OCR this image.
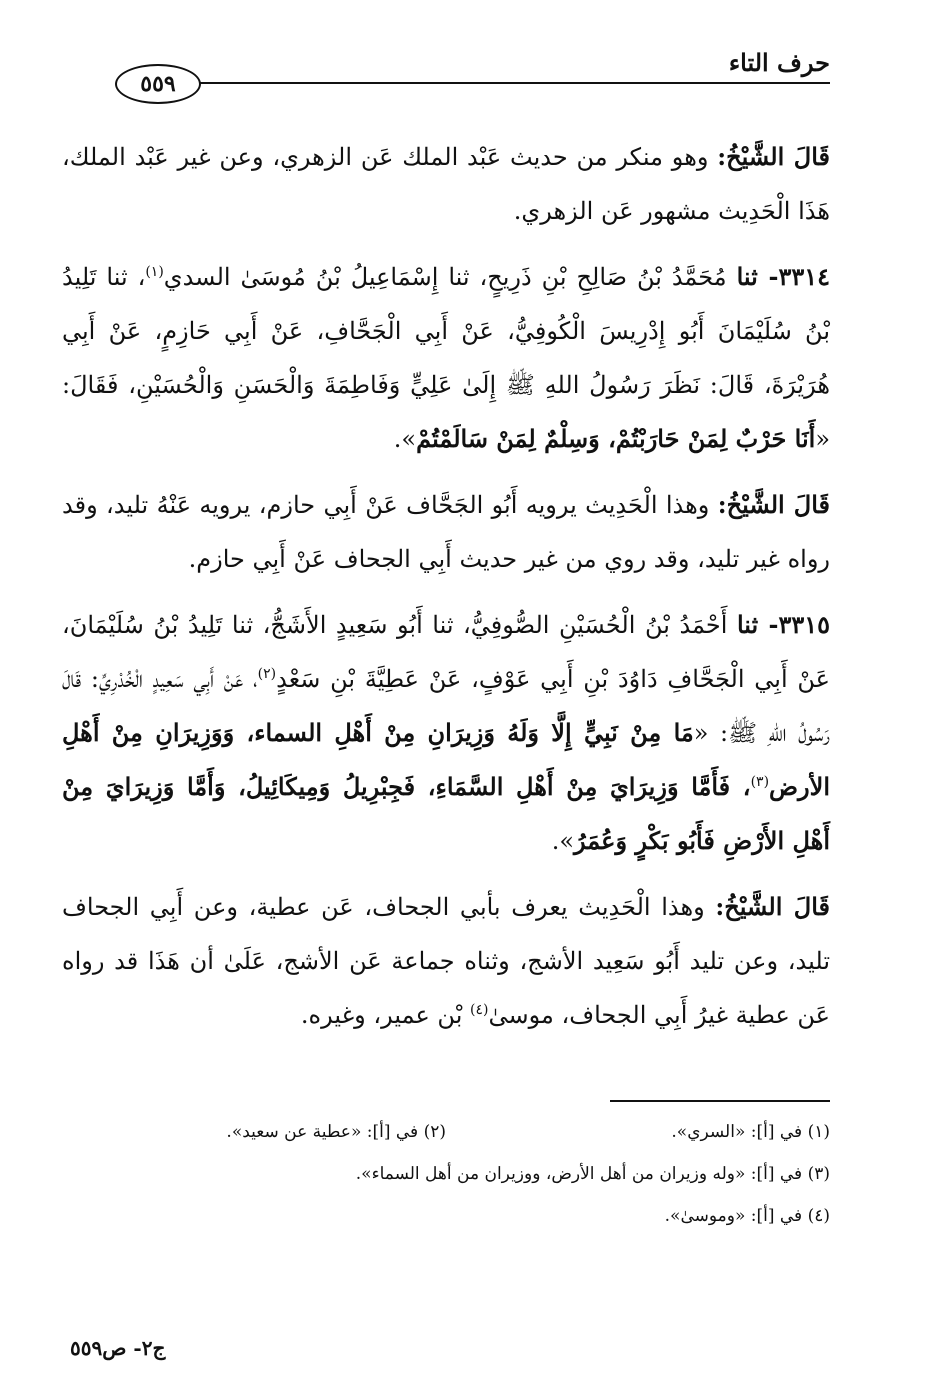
حرف التاء
٥٥٩

قَالَ الشَّيْخُ: وهو منكر من حديث عَبْد الملك عَن الزهري، وعن غير عَبْد الملك، هَذَا الْحَدِيث مشهور عَن الزهري.

٣٣١٤- ثنا مُحَمَّدُ بْنُ صَالِحِ بْنِ ذَرِيحٍ، ثنا إِسْمَاعِيلُ بْنُ مُوسَىٰ السدي$^{(١)}$، ثنا تَلِيدُ بْنُ سُلَيْمَانَ أَبُو إِدْرِيسَ الْكُوفِيُّ، عَنْ أَبِي الْجَحَّافِ، عَنْ أَبِي حَازِمٍ، عَنْ أَبِي هُرَيْرَةَ، قَالَ: نَظَرَ رَسُولُ اللهِ ﷺ إِلَىٰ عَلِيٍّ وَفَاطِمَةَ وَالْحَسَنِ وَالْحُسَيْنِ، فَقَالَ: «أَنَا حَرْبٌ لِمَنْ حَارَبْتُمْ، وَسِلْمٌ لِمَنْ سَالَمْتُمْ».

قَالَ الشَّيْخُ: وهذا الْحَدِيث يرويه أَبُو الجَحَّاف عَنْ أَبِي حازم، يرويه عَنْهُ تليد، وقد رواه غير تليد، وقد روي من غير حديث أَبِي الجحاف عَنْ أَبِي حازم.

٣٣١٥- ثنا أَحْمَدُ بْنُ الْحُسَيْنِ الصُّوفِيُّ، ثنا أَبُو سَعِيدٍ الأَشَجُّ، ثنا تَلِيدُ بْنُ سُلَيْمَانَ، عَنْ أَبِي الْجَحَّافِ دَاوُدَ بْنِ أَبِي عَوْفٍ، عَنْ عَطِيَّةَ بْنِ سَعْدٍ$^{(٢)}$، عَنْ أَبِي سَعِيدٍ الْخُدْرِيِّ: قَالَ رَسُولُ اللهِ ﷺ: «مَا مِنْ نَبِيٍّ إِلَّا وَلَهُ وَزِيرَانِ مِنْ أَهْلِ السماء، وَوَزِيرَانِ مِنْ أَهْلِ الأرض$^{(٣)}$، فَأَمَّا وَزِيرَايَ مِنْ أَهْلِ السَّمَاءِ، فَجِبْرِيلُ وَمِيكَائِيلُ، وَأَمَّا وَزِيرَايَ مِنْ أَهْلِ الأَرْضِ فَأَبُو بَكْرٍ وَعُمَرُ».

قَالَ الشَّيْخُ: وهذا الْحَدِيث يعرف بأبي الجحاف، عَن عطية، وعن أَبِي الجحاف تليد، وعن تليد أَبُو سَعِيد الأشج، وثناه جماعة عَن الأشج، عَلَىٰ أن هَذَا قد رواه عَن عطية غيرُ أَبِي الجحاف، موسىٰ$^{(٤)}$ بْن عمير، وغيره.

(١) في [أ]: «السري».
(٢) في [أ]: «عطية عن سعيد».
(٣) في [أ]: «وله وزيران من أهل الأرض، ووزيران من أهل السماء».
(٤) في [أ]: «وموسىٰ».
ج٢- ص٥٥٩
